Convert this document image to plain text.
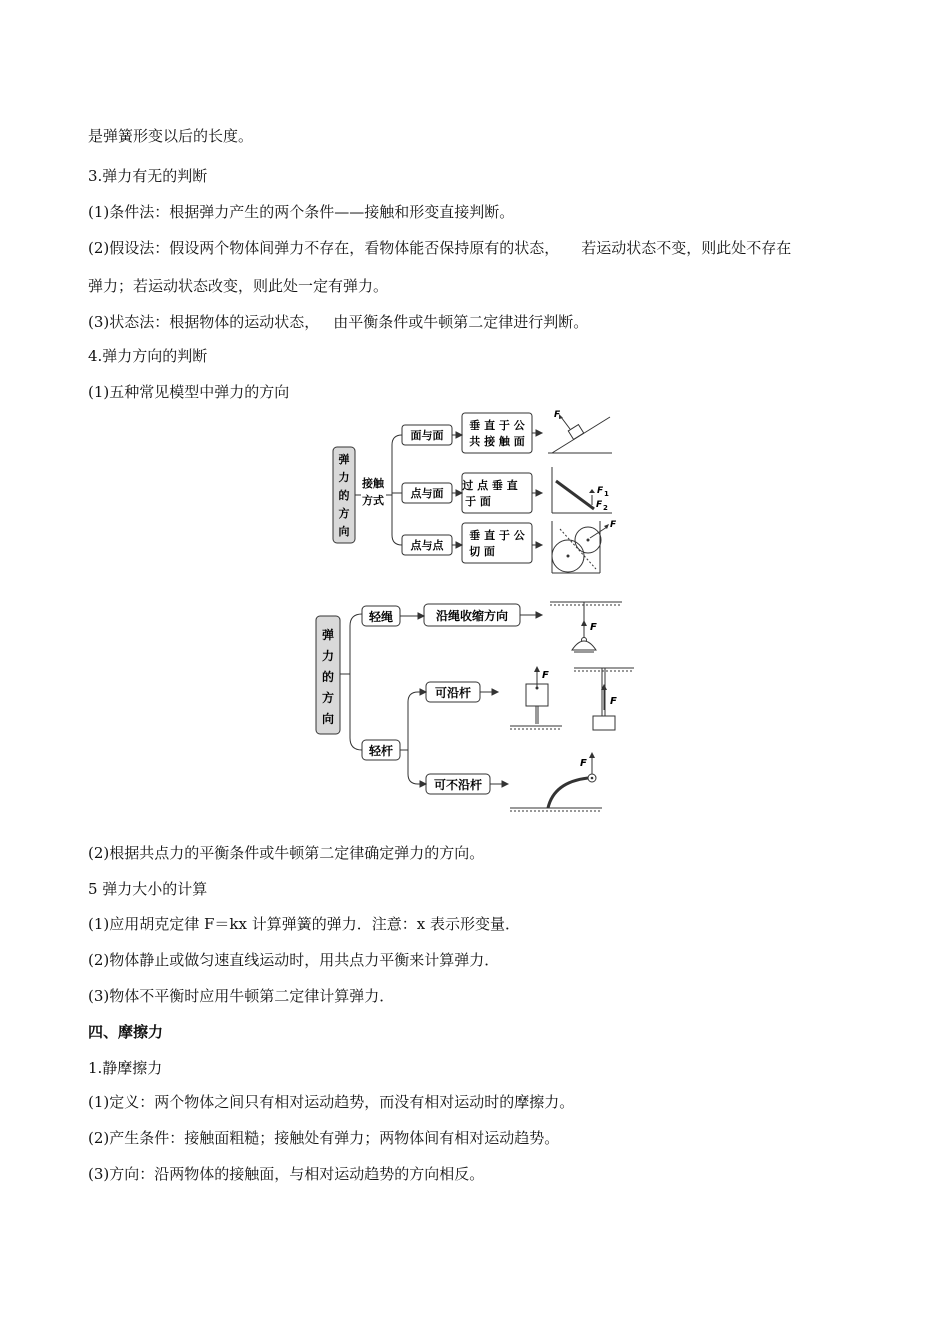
是弹簧形变以后的长度。
3.弹力有无的判断
(1)条件法：根据弹力产生的两个条件——接触和形变直接判断。
(2)假设法：假设两个物体间弹力不存在，看物体能否保持原有的状态， 若运动状态不变，则此处不存在
弹力；若运动状态改变，则此处一定有弹力。
(3)状态法：根据物体的运动状态， 由平衡条件或牛顿第二定律进行判断。
4.弹力方向的判断
(1)五种常见模型中弹力的方向
弹
力
的
方
向
接触
方式
面与面
点与面
点与点
垂 直 于 公
共 接 触 面
过 点 垂 直
于 面
垂 直 于 公
切 面
F
F 1
F 2
F
弹
力
的
方
向
轻绳	沿绳收缩方向
轻杆
可沿杆
可不沿杆
F
F
F
F
(2)根据共点力的平衡条件或牛顿第二定律确定弹力的方向。
5 弹力大小的计算
(1)应用胡克定律 F＝kx 计算弹簧的弹力．注意：x 表示形变量．
(2)物体静止或做匀速直线运动时，用共点力平衡来计算弹力．
(3)物体不平衡时应用牛顿第二定律计算弹力．
四、摩擦力
1.静摩擦力
(1)定义：两个物体之间只有相对运动趋势，而没有相对运动时的摩擦力。
(2)产生条件：接触面粗糙；接触处有弹力；两物体间有相对运动趋势。
(3)方向：沿两物体的接触面，与相对运动趋势的方向相反。
